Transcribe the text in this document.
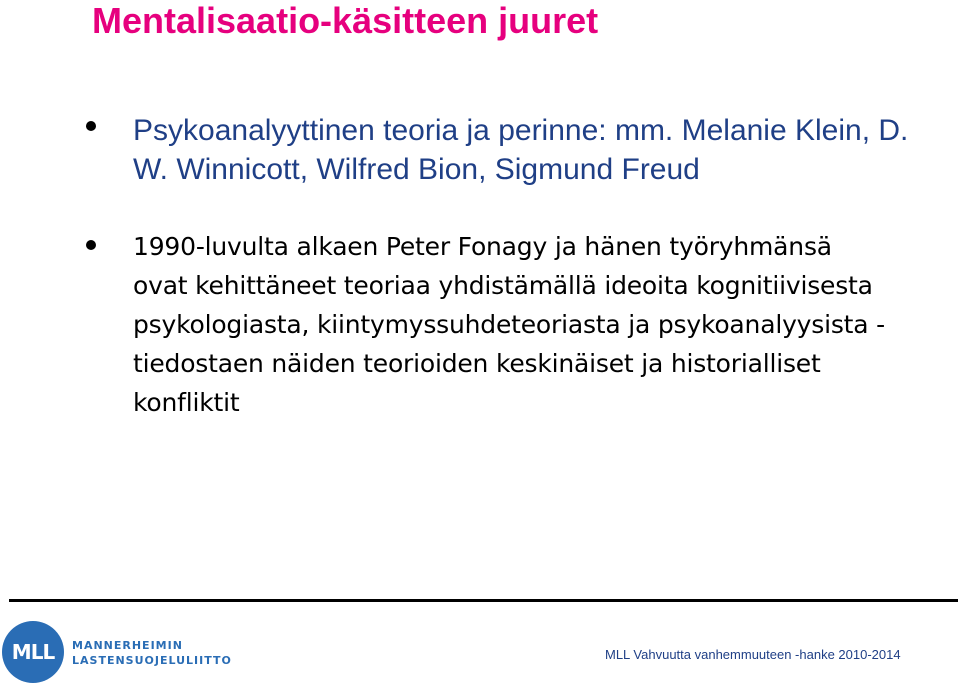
Mentalisaatio-käsitteen juuret
Psykoanalyyttinen teoria ja perinne: mm. Melanie Klein, D. W. Winnicott, Wilfred Bion, Sigmund Freud
1990-luvulta alkaen Peter Fonagy ja hänen työryhmänsä ovat kehittäneet teoriaa yhdistämällä ideoita kognitiivisesta psykologiasta, kiintymyssuhdeteoriasta ja psykoanalyysista - tiedostaen näiden teorioiden keskinäiset ja historialliset konfliktit
MLL	MANNERHEIMIN
LASTENSUOJELULIITTO	MLL Vahvuutta vanhemmuuteen -hanke 2010-2014
